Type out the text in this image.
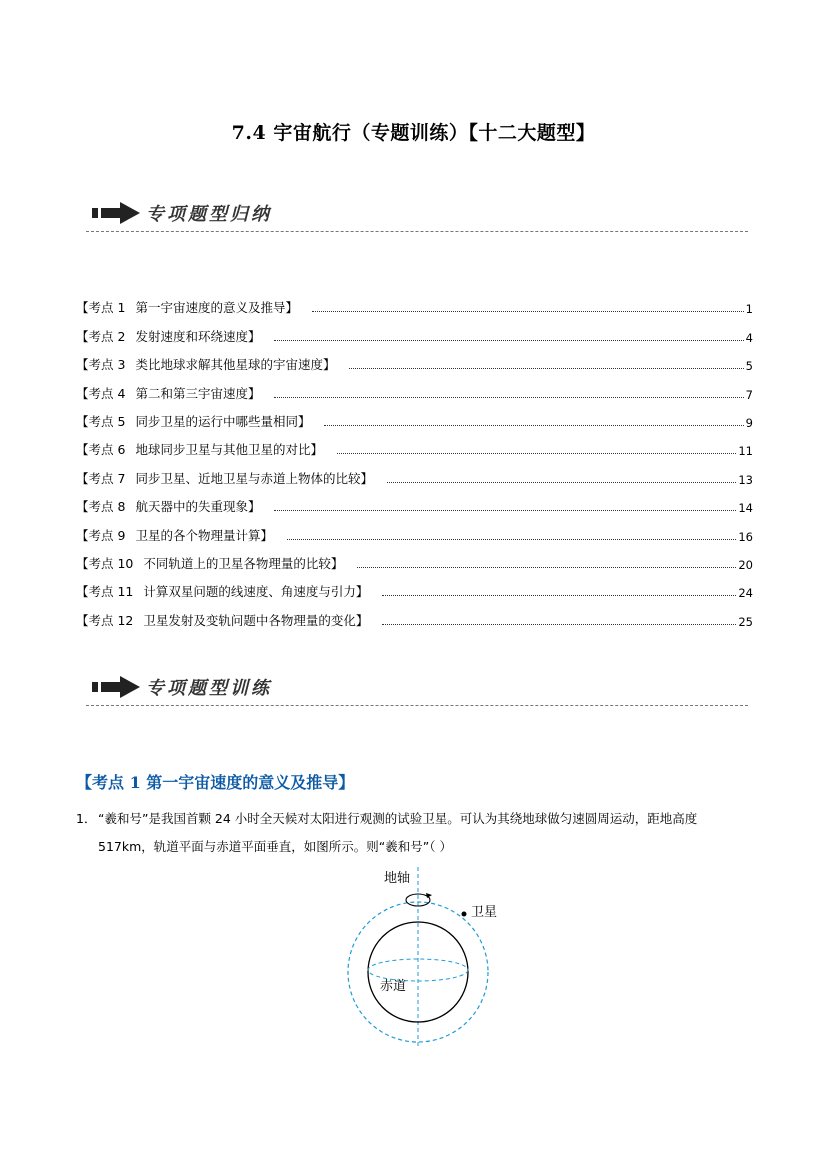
7.4 宇宙航行（专题训练）【十二大题型】
专项题型归纳
【考点 1 第一宇宙速度的意义及推导】	1
【考点 2 发射速度和环绕速度】	4
【考点 3 类比地球求解其他星球的宇宙速度】	5
【考点 4 第二和第三宇宙速度】	7
【考点 5 同步卫星的运行中哪些量相同】	9
【考点 6 地球同步卫星与其他卫星的对比】	11
【考点 7 同步卫星、近地卫星与赤道上物体的比较】	13
【考点 8 航天器中的失重现象】	14
【考点 9 卫星的各个物理量计算】	16
【考点 10 不同轨道上的卫星各物理量的比较】	20
【考点 11 计算双星问题的线速度、角速度与引力】	24
【考点 12 卫星发射及变轨问题中各物理量的变化】	25
专项题型训练
【考点 1 第一宇宙速度的意义及推导】
1． “羲和号”是我国首颗 24 小时全天候对太阳进行观测的试验卫星。可认为其绕地球做匀速圆周运动，距地高度 517km，轨道平面与赤道平面垂直，如图所示。则“羲和号”（ ）
地轴
卫星
赤道
